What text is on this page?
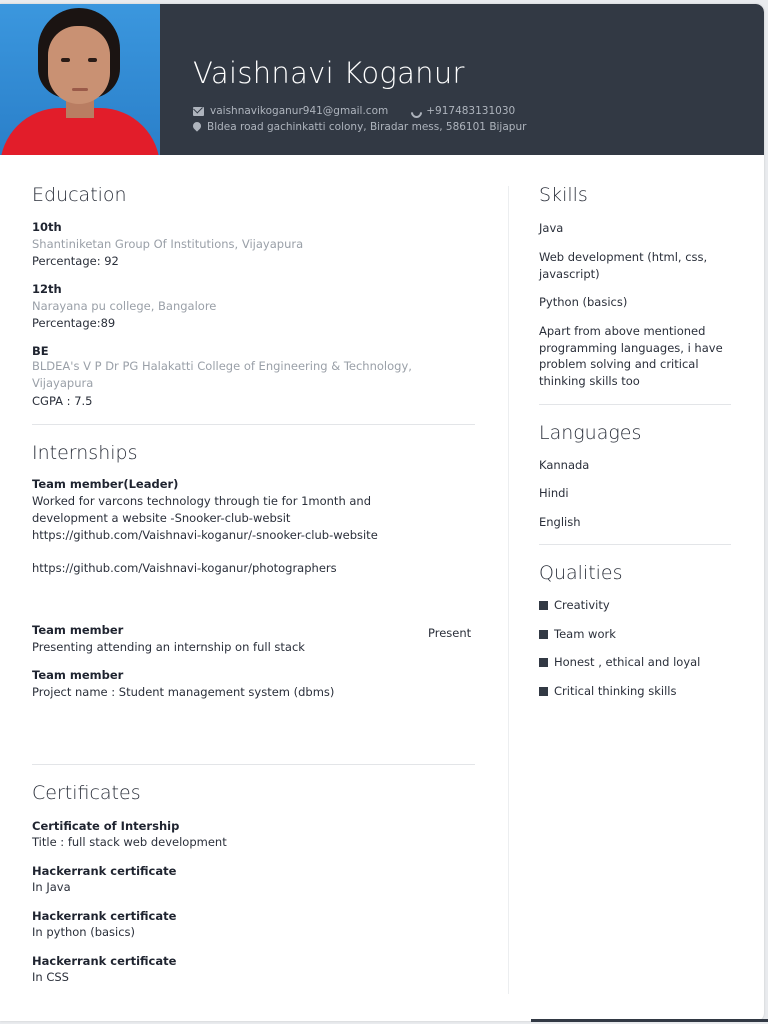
Vaishnavi Koganur
vaishnavikoganur941@gmail.com	+917483131030
Bldea road gachinkatti colony, Biradar mess, 586101 Bijapur
Education
10th
Shantiniketan Group Of Institutions, Vijayapura
Percentage: 92
12th
Narayana pu college, Bangalore
Percentage:89
BE
BLDEA's V P Dr PG Halakatti College of Engineering & Technology, Vijayapura
CGPA : 7.5
Internships
Team member(Leader)
Worked for varcons technology through tie for 1month and
development a website -Snooker-club-websit
https://github.com/Vaishnavi-koganur/-snooker-club-website
https://github.com/Vaishnavi-koganur/photographers
Team member	Present
Presenting attending an internship on full stack
Team member
Project name : Student management system (dbms)
Certificates
Certificate of Intership
Title : full stack web development
Hackerrank certificate
In Java
Hackerrank certificate
In python (basics)
Hackerrank certificate
In CSS
Skills
Java
Web development (html, css, javascript)
Python (basics)
Apart from above mentioned programming languages, i have problem solving and critical thinking skills too
Languages
Kannada
Hindi
English
Qualities
Creativity
Team work
Honest , ethical and loyal
Critical thinking skills
